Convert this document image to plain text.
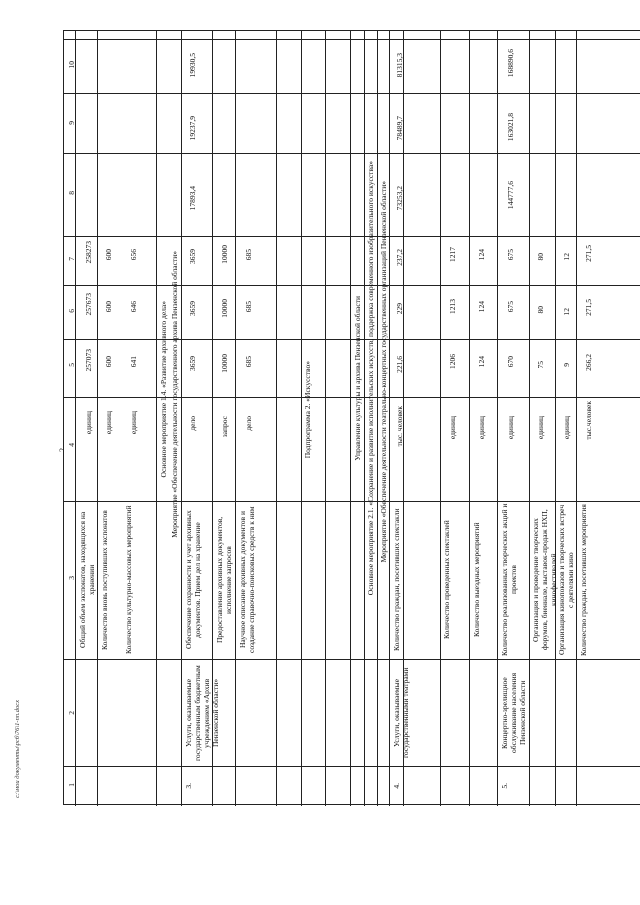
1
2
3
4
5
6
7
8
9
10
Общий объем экспонатов, находящихся на хранении
единиц
257073
257673
258273
Количество вновь поступивших экспонатов
единиц
600
600
600
Количество культурно-массовых мероприятий
единиц
641
646
656
Основное мероприятие 1.4. «Развитие архивного дела» Мероприятие «Обеспечение деятельности государственного архива Пензенской области»
3.
Услуги, оказываемые государственным бюджетным учреждением «Архив Пензенской области»
Обеспечение сохранности и учет архивных документов. Прием дел на хранение
дело
3659
3659
3659
17893,4
19237,9
19930,5
Предоставление архивных документов, исполнение запросов
запрос
10000
10000
10000
Научное описание архивных документов и создание справочно-поисковых средств к ним
дело
685
685
685
Подпрограмма 2. «Искусство»	Управление культуры и архива Пензенской области Основное мероприятие 2.1. «Сохранение и развитие исполнительских искусств, поддержка современного изобразительного искусства» Мероприятие «Обеспечение деятельности театрально-концертных государственных организаций Пензенской области»
4.
Услуги, оказываемые государственными театрами
Количество граждан, посетивших спектакли
тыс. человек
221,6
229
237,2
73253,2
78489,7
81315,3
Количество проведенных спектаклей
единиц
1206
1213
1217
Количество выездных мероприятий
единиц
124
124
124
5.
Концертно-зрелищное обслуживание населения Пензенской области
Количество реализованных творческих акций и проектов
единиц
670
675
675
144777,6
163021,8
168890,6
Организация и проведение творческих форумов, биеннале, выставок-продаж НХП, кинофестивалей
единиц
75
80
80
Организация кинопоказов и творческих встреч с деятелями кино
единиц
9
12
12
Количество граждан, посетивших мероприятия
тыс.человек
266,2
271,5
271,5
c:\мои документы\рсб\76\1-пп.docx
